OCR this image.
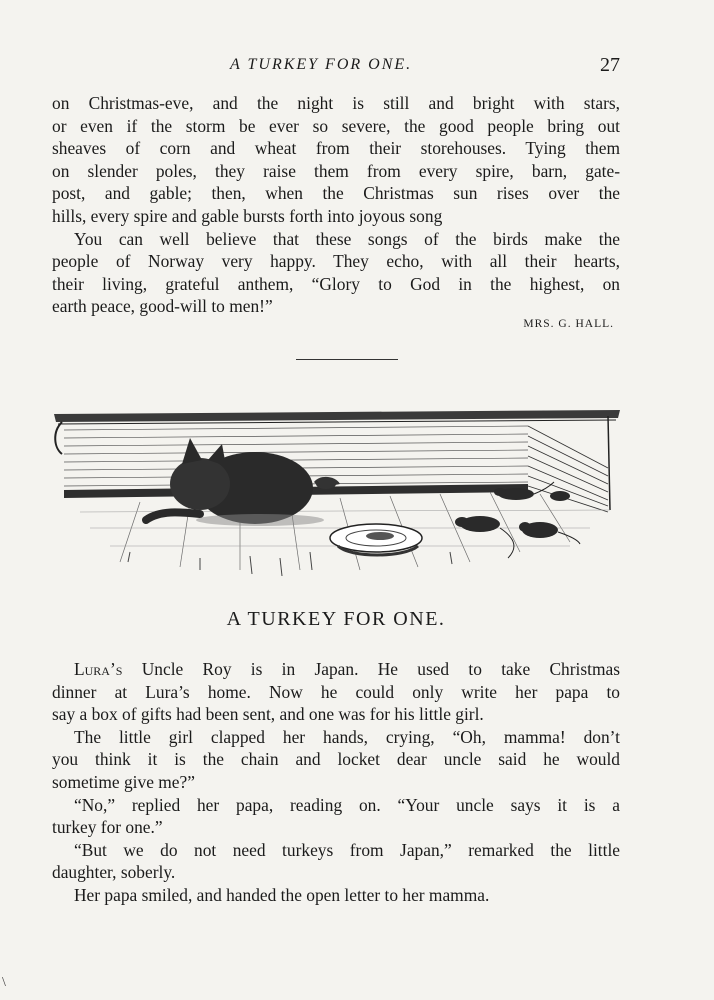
A TURKEY FOR ONE.	27
on Christmas-eve, and the night is still and bright with stars,
or even if the storm be ever so severe, the good people bring out
sheaves of corn and wheat from their storehouses. Tying them
on slender poles, they raise them from every spire, barn, gate-
post, and gable; then, when the Christmas sun rises over the
hills, every spire and gable bursts forth into joyous song
You can well believe that these songs of the birds make the
people of Norway very happy. They echo, with all their hearts,
their living, grateful anthem, “Glory to God in the highest, on
earth peace, good-will to men!”
MRS. G. HALL.
A TURKEY FOR ONE.
Lura’s Uncle Roy is in Japan. He used to take Christmas
dinner at Lura’s home. Now he could only write her papa to
say a box of gifts had been sent, and one was for his little girl.
The little girl clapped her hands, crying, “Oh, mamma! don’t
you think it is the chain and locket dear uncle said he would
sometime give me?”
“No,” replied her papa, reading on. “Your uncle says it is a
turkey for one.”
“But we do not need turkeys from Japan,” remarked the little
daughter, soberly.
Her papa smiled, and handed the open letter to her mamma.
\
